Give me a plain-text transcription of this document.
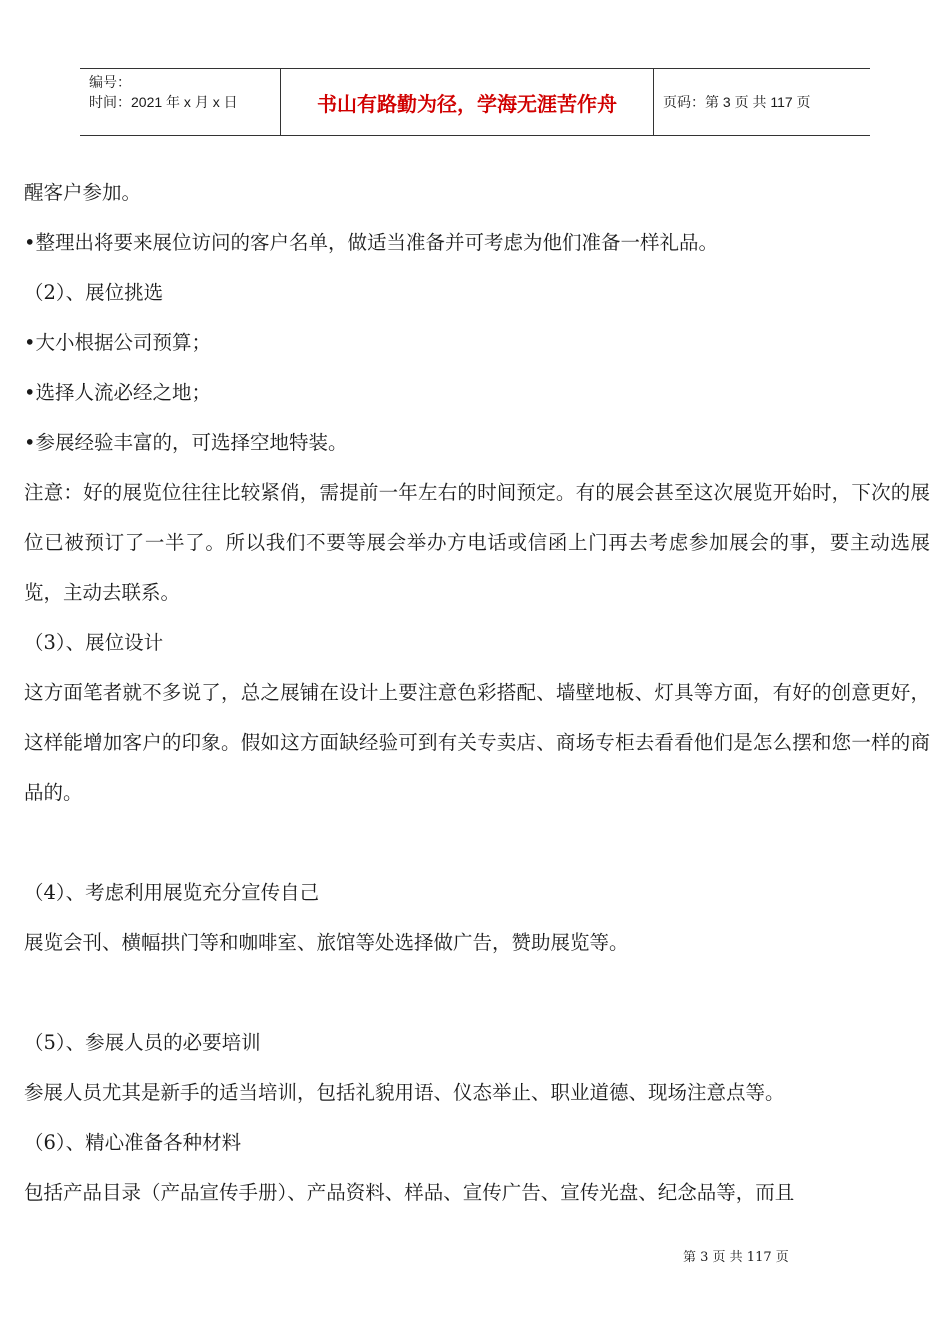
编号：
时间：2021 年 x 月 x 日	书山有路勤为径，学海无涯苦作舟	页码：第 3 页 共 117 页

醒客户参加。

•整理出将要来展位访问的客户名单，做适当准备并可考虑为他们准备一样礼品。

（2）、展位挑选

•大小根据公司预算；

•选择人流必经之地；

•参展经验丰富的，可选择空地特装。

注意：好的展览位往往比较紧俏，需提前一年左右的时间预定。有的展会甚至这次展览开始时，下次的展位已被预订了一半了。所以我们不要等展会举办方电话或信函上门再去考虑参加展会的事，要主动选展览，主动去联系。

（3）、展位设计

这方面笔者就不多说了，总之展铺在设计上要注意色彩搭配、墙壁地板、灯具等方面，有好的创意更好，这样能增加客户的印象。假如这方面缺经验可到有关专卖店、商场专柜去看看他们是怎么摆和您一样的商品的。

（4）、考虑利用展览充分宣传自己

展览会刊、横幅拱门等和咖啡室、旅馆等处选择做广告，赞助展览等。

（5）、参展人员的必要培训

参展人员尤其是新手的适当培训，包括礼貌用语、仪态举止、职业道德、现场注意点等。

（6）、精心准备各种材料

包括产品目录（产品宣传手册）、产品资料、样品、宣传广告、宣传光盘、纪念品等，而且

第 3 页 共 117 页
